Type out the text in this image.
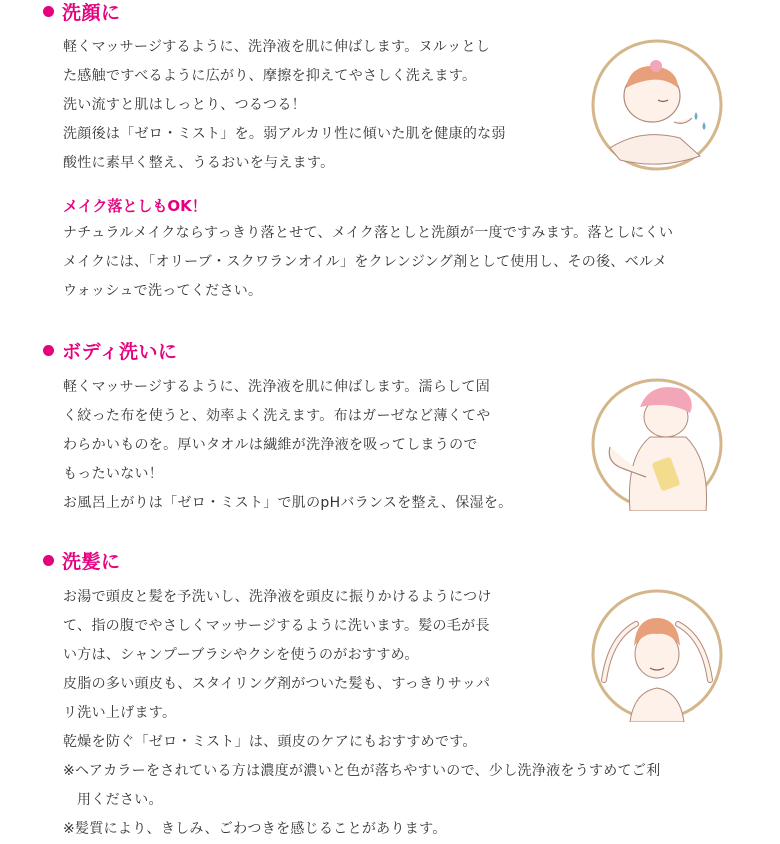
洗顔に

軽くマッサージするように、洗浄液を肌に伸ばします。ヌルッとし

た感触ですべるように広がり、摩擦を抑えてやさしく洗えます。

洗い流すと肌はしっとり、つるつる！

洗顔後は「ゼロ・ミスト」を。弱アルカリ性に傾いた肌を健康的な弱

酸性に素早く整え、うるおいを与えます。

メイク落としもOK！

ナチュラルメイクならすっきり落とせて、メイク落としと洗顔が一度ですみます。落としにくい

メイクには、「オリーブ・スクワランオイル」をクレンジング剤として使用し、その後、ベルメ

ウォッシュで洗ってください。

ボディ洗いに

軽くマッサージするように、洗浄液を肌に伸ばします。濡らして固

く絞った布を使うと、効率よく洗えます。布はガーゼなど薄くてや

わらかいものを。厚いタオルは繊維が洗浄液を吸ってしまうので

もったいない！

お風呂上がりは「ゼロ・ミスト」で肌のpHバランスを整え、保湿を。

洗髪に

お湯で頭皮と髪を予洗いし、洗浄液を頭皮に振りかけるようにつけ

て、指の腹でやさしくマッサージするように洗います。髪の毛が長

い方は、シャンプーブラシやクシを使うのがおすすめ。

皮脂の多い頭皮も、スタイリング剤がついた髪も、すっきりサッパ

リ洗い上げます。

乾燥を防ぐ「ゼロ・ミスト」は、頭皮のケアにもおすすめです。

※ヘアカラーをされている方は濃度が濃いと色が落ちやすいので、少し洗浄液をうすめてご利

用ください。

※髪質により、きしみ、ごわつきを感じることがあります。
